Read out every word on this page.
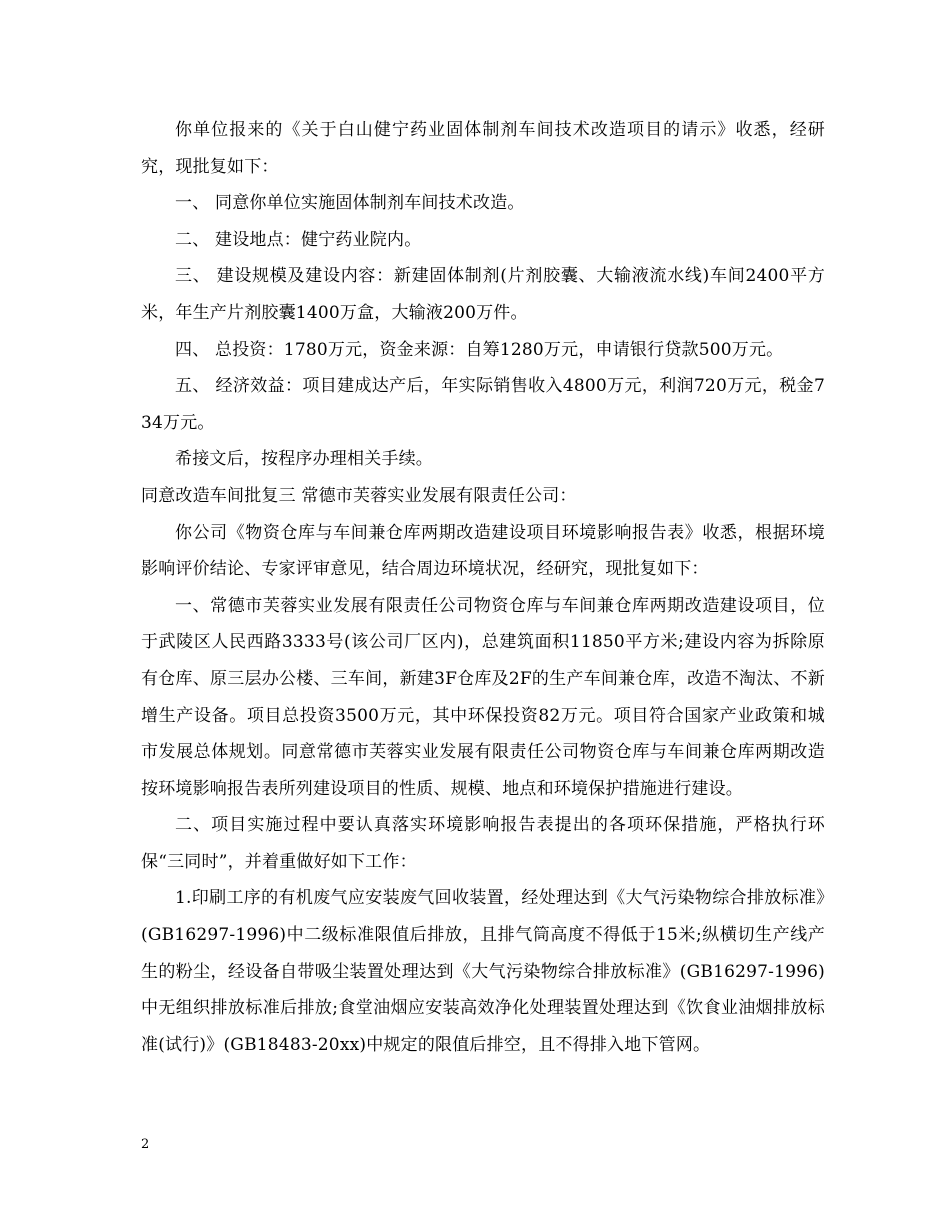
你单位报来的《关于白山健宁药业固体制剂车间技术改造项目的请示》收悉，经研究，现批复如下：

一、 同意你单位实施固体制剂车间技术改造。

二、 建设地点：健宁药业院内。

三、 建设规模及建设内容：新建固体制剂(片剂胶囊、大输液流水线)车间2400平方米，年生产片剂胶囊1400万盒，大输液200万件。

四、 总投资：1780万元，资金来源：自筹1280万元，申请银行贷款500万元。

五、 经济效益：项目建成达产后，年实际销售收入4800万元，利润720万元，税金734万元。

希接文后，按程序办理相关手续。

同意改造车间批复三 常德市芙蓉实业发展有限责任公司：

你公司《物资仓库与车间兼仓库两期改造建设项目环境影响报告表》收悉，根据环境影响评价结论、专家评审意见，结合周边环境状况，经研究，现批复如下：

一、常德市芙蓉实业发展有限责任公司物资仓库与车间兼仓库两期改造建设项目，位于武陵区人民西路3333号(该公司厂区内)，总建筑面积11850平方米;建设内容为拆除原有仓库、原三层办公楼、三车间，新建3F仓库及2F的生产车间兼仓库，改造不淘汰、不新增生产设备。项目总投资3500万元，其中环保投资82万元。项目符合国家产业政策和城市发展总体规划。同意常德市芙蓉实业发展有限责任公司物资仓库与车间兼仓库两期改造按环境影响报告表所列建设项目的性质、规模、地点和环境保护措施进行建设。

二、项目实施过程中要认真落实环境影响报告表提出的各项环保措施，严格执行环保“三同时”，并着重做好如下工作：

1.印刷工序的有机废气应安装废气回收装置，经处理达到《大气污染物综合排放标准》(GB16297-1996)中二级标准限值后排放，且排气筒高度不得低于15米;纵横切生产线产生的粉尘，经设备自带吸尘装置处理达到《大气污染物综合排放标准》(GB16297-1996)中无组织排放标准后排放;食堂油烟应安装高效净化处理装置处理达到《饮食业油烟排放标准(试行)》(GB18483-20xx)中规定的限值后排空，且不得排入地下管网。

2
